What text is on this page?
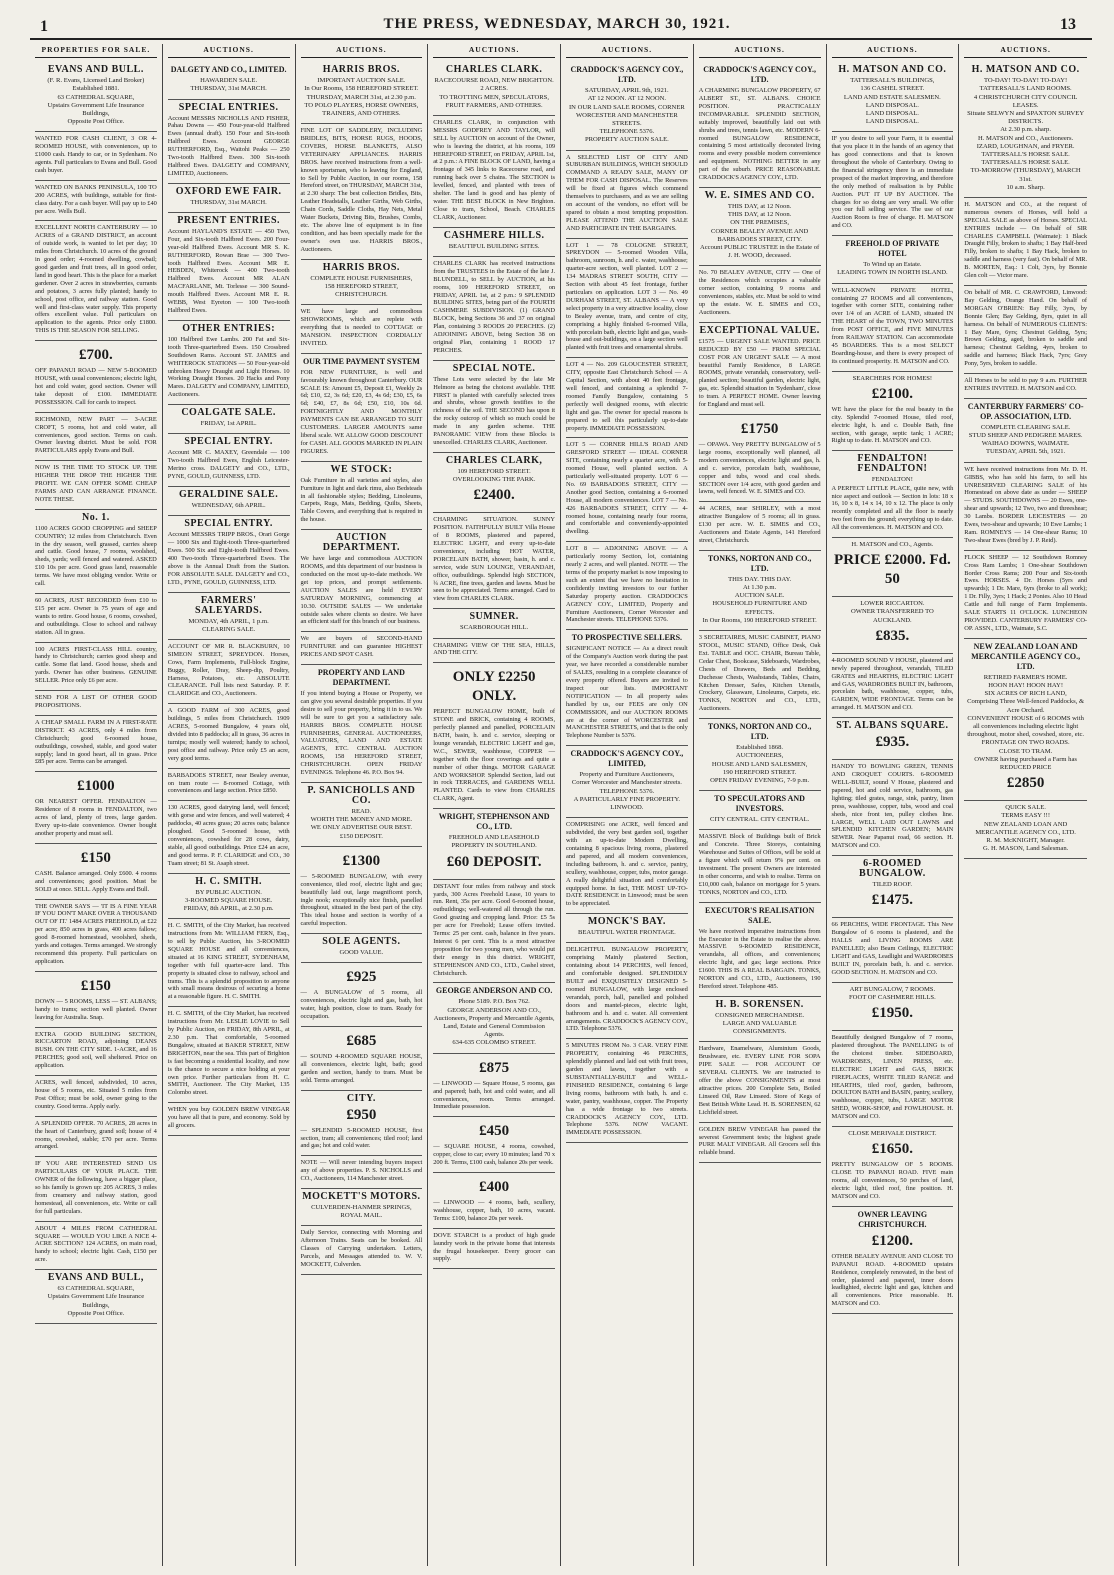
1	THE PRESS, WEDNESDAY, MARCH 30, 1921.	13
PROPERTIES FOR SALE.
EVANS AND BULL.
(F. R. Evans, Licensed Land Broker)
Established 1881.
63 CATHEDRAL SQUARE,
Upstairs Government Life Insurance Buildings,
Opposite Post Office.
WANTED FOR CASH CLIENT, 3 OR 4-ROOMED HOUSE, with conveniences, up to £1000 cash. Handy to car, or in Sydenham. No agents. Full particulars to Evans and Bull. Good cash buyer.
WANTED ON BANKS PENINSULA, 100 TO 200 ACRES, with buildings, suitable for first-class dairy. For a cash buyer. Will pay up to £40 per acre. Wells Bull.
EXCELLENT NORTH CANTERBURY — 10 ACRES of a GRAND DISTRICT, an account of outside work, is wanted to let per day; 10 miles from Christchurch. 10 acres of the ground in good order; 4-roomed dwelling, cowbail; good garden and fruit trees, all in good order, land in good heart. This is the place for a market gardener. Over 2 acres in strawberries, currants and potatoes, 3 acres fully planted; handy to school, post office, and railway station. Good well and first-class water supply. This property offers excellent value. Full particulars on application to the agents. Price only £1800. THIS IS THE SEASON FOR SELLING.
£700.
OFF PAPANUI ROAD — NEW 5-ROOMED HOUSE, with usual conveniences; electric light, hot and cold water, good section. Owner will take deposit of £100. IMMEDIATE POSSESSION. Call for cards to inspect.
RICHMOND, NEW PART — 3-ACRE CROFT, 5 rooms, hot and cold water, all conveniences, good section. Terms on cash. Owner leaving district. Must be sold. FOR PARTICULARS apply Evans and Bull.
NOW IS THE TIME TO STOCK UP. THE HIGHER THE DROP THE HIGHER THE PROFIT. WE CAN OFFER SOME CHEAP FARMS AND CAN ARRANGE FINANCE. NOTE THESE.
No. 1.
1100 ACRES GOOD CROPPING and SHEEP COUNTRY; 12 miles from Christchurch. Even in the dry season, well grassed, carries sheep and cattle. Good house, 7 rooms, woolshed, sheds, yards; well fenced and watered. ASKED £10 10s per acre. Good grass land, reasonable terms. We have most obliging vendor. Write or call.
60 ACRES, JUST RECORDED from £10 to £15 per acre. Owner is 75 years of age and wants to retire. Good house, 6 rooms, cowshed, and outbuildings. Close to school and railway station. All in grass.
100 ACRES FIRST-CLASS HILL country, handy to Christchurch; carries good sheep and cattle. Some flat land. Good house, sheds and yards. Owner has other business. GENUINE SELLER. Price only £6 per acre.
SEND FOR A LIST OF OTHER GOOD PROPOSITIONS.
A CHEAP SMALL FARM IN A FIRST-RATE DISTRICT. 43 ACRES, only 4 miles from Christchurch; good 6-roomed house, outbuildings, cowshed, stable, and good water supply; land in good heart, all in grass. Price £85 per acre. Terms can be arranged.
£1000
OR NEAREST OFFER. FENDALTON — Residence of 8 rooms in FENDALTON, two acres of land, plenty of trees, large garden. Every up-to-date convenience. Owner bought another property and must sell.
£150
CASH. Balance arranged. Only £600. 4 rooms and conveniences; good position. Must be SOLD at once. SELL. Apply Evans and Bull.
THE OWNER SAYS — 'IT IS A FINE YEAR IF YOU DON'T MAKE OVER A THOUSAND OUT OF IT.' 1484 ACRES FREEHOLD, at £22 per acre; 850 acres in grass, 400 acres fallow; good 8-roomed homestead, woolshed, sheds, yards and cottages. Terms arranged. We strongly recommend this property. Full particulars on application.
£150
DOWN — 5 ROOMS, LESS — ST. ALBANS; handy to trams; section well planted. Owner leaving for Australia. Snap.
EXTRA GOOD BUILDING SECTION, RICCARTON ROAD, adjoining DEANS BUSH. ON THE CITY SIDE. 1-ACRE, and 16 PERCHES; good soil, well sheltered. Price on application.
ACRES, well fenced, subdivided, 10 acres, house of 5 rooms, etc. Situated 5 miles from Post Office; must be sold, owner going to the country. Good terms. Apply early.
A SPLENDID OFFER. 70 ACRES, 28 acres in the heart of Canterbury, grand soil; house of 4 rooms, cowshed, stable; £70 per acre. Terms arranged.
IF YOU ARE INTERESTED SEND US PARTICULARS OF YOUR PLACE. THE OWNER of the following, have a bigger place, so his family is grown up: 205 ACRES, 3 miles from creamery and railway station, good homestead, all conveniences, etc. Write or call for full particulars.
ABOUT 4 MILES FROM CATHEDRAL SQUARE — WOULD YOU LIKE A NICE 4-ACRE SECTION? 124 ACRES, on main road, handy to school; electric light. Cash, £150 per acre.
EVANS AND BULL,
63 CATHEDRAL SQUARE,
Upstairs Government Life Insurance Buildings,
Opposite Post Office.
AUCTIONS.
DALGETY AND CO., LIMITED.
HAWARDEN SALE.
THURSDAY, 31st MARCH.
SPECIAL ENTRIES.
Account MESSRS NICHOLLS AND FISHER, Pahau Downs — 450 Four-year-old Halfbred Ewes (annual draft). 150 Four and Six-tooth Halfbred Ewes. Account GEORGE RUTHERFORD, Esq., Waitohi Peaks — 250 Two-tooth Halfbred Ewes. 300 Six-tooth Halfbred Ewes. DALGETY and COMPANY, LIMITED, Auctioneers.
OXFORD EWE FAIR.
THURSDAY, 31st MARCH.
PRESENT ENTRIES.
Account HAYLAND'S ESTATE — 450 Two, Four, and Six-tooth Halfbred Ewes. 200 Four-year-old Halfbred Ewes. Account MR S. K. RUTHERFORD, Rowan Brae — 300 Two-tooth Halfbred Ewes. Account MR E. HEBDEN, Whiterock — 400 Two-tooth Halfbred Ewes. Account MR ALAN MACFARLANE, Mt. Torlesse — 300 Sound-mouth Halfbred Ewes. Account MR E. R. WEBB, West Eyreton — 100 Two-tooth Halfbred Ewes.
OTHER ENTRIES:
100 Halfbred Ewe Lambs. 200 Fat and Six-tooth Three-quarterbred Ewes. 150 Crossbred Southdown Rams. Account ST. JAMES and WHITEROCK STATIONS — 50 Four-year-old unbroken Heavy Draught and Light Horses. 10 Working Draught Horses. 20 Hacks and Pony Mares. DALGETY and COMPANY, LIMITED, Auctioneers.
COALGATE SALE.
FRIDAY, 1st APRIL.
SPECIAL ENTRY.
Account MR C. MAXEY, Greendale — 100 Two-tooth Halfbred Ewes, English Leicester-Merino cross. DALGETY and CO., LTD., PYNE, GOULD, GUINNESS, LTD.
GERALDINE SALE.
WEDNESDAY, 6th APRIL.
SPECIAL ENTRY.
Account MESSRS TRIPP BROS., Orari Gorge — 1000 Six and Eight-tooth Three-quarterbred Ewes. 500 Six and Eight-tooth Halfbred Ewes. 400 Two-tooth Three-quarterbred Ewes. The above is the Annual Draft from the Station. FOR ABSOLUTE SALE. DALGETY and CO., LTD., PYNE, GOULD, GUINNESS, LTD.
FARMERS' SALEYARDS.
MONDAY, 4th APRIL, 1 p.m.
CLEARING SALE.
ACCOUNT OF MR R. BLACKBURN, 10 SIMEON STREET, SPREYDON. Horses, Cows, Farm Implements, Full-block Engine, Buggy, Roller, Dray, Sheep-dip, Poultry, Harness, Potatoes, etc. ABSOLUTE CLEARANCE. Full lists next Saturday. P. F. CLARIDGE and CO., Auctioneers.
A GOOD FARM of 300 ACRES, good buildings, 5 miles from Christchurch. 1909 ACRES, 5-roomed Bungalow, 4 years old, divided into 8 paddocks; all in grass, 36 acres in turnips; mostly well watered; handy to school, post office and railway. Price only £5 an acre, very good terms.
BARBADOES STREET, near Bealey avenue, on tram route — 8-roomed Cottage, with conveniences and large section. Price £850.
130 ACRES, good dairying land, well fenced; with gorse and wire fences, and well watered; 4 paddocks, 40 acres grass; 20 acres oats; balance ploughed. Good 5-roomed house, with conveniences, cowshed for 28 cows, dairy, stable, all good outbuildings. Price £24 an acre, and good terms. P. F. CLARIDGE and CO., 30 Tuam street; 81 St. Asaph street.
H. C. SMITH.
BY PUBLIC AUCTION.
3-ROOMED SQUARE HOUSE.
FRIDAY, 8th APRIL, at 2.30 p.m.
H. C. SMITH, of the City Market, has received instructions from Mr. WILLIAM FERN, Esq., to sell by Public Auction, his 3-ROOMED SQUARE HOUSE and all conveniences, situated at 16 KING STREET, SYDENHAM, together with full quarter-acre land. This property is situated close to railway, school and trams. This is a splendid proposition to anyone with small means desirous of securing a home at a reasonable figure. H. C. SMITH.
H. C. SMITH, of the City Market, has received instructions from Mr. LESLIE LOVIE to Sell by Public Auction, on FRIDAY, 8th APRIL, at 2.30 p.m. That comfortable, 5-roomed Bungalow, situated at BAKER STREET, NEW BRIGHTON, near the sea. This part of Brighton is fast becoming a residential locality, and now is the chance to secure a nice holding at your own price. Further particulars from H. C. SMITH, Auctioneer. The City Market, 135 Colombo street.
WHEN you buy GOLDEN BREW VINEGAR you have all that is pure, and economy. Sold by all grocers.
AUCTIONS.
HARRIS BROS.
IMPORTANT AUCTION SALE.
In Our Rooms, 158 HEREFORD STREET.
THURSDAY, MARCH 31st, at 2.30 p.m.
TO POLO PLAYERS, HORSE OWNERS, TRAINERS, AND OTHERS.
FINE LOT OF SADDLERY, INCLUDING BRIDLES, BITS, HORSE RUGS, HOODS, COVERS, HORSE BLANKETS, ALSO VETERINARY APPLIANCES. HARRIS BROS. have received instructions from a well-known sportsman, who is leaving for England, to Sell by Public Auction, in our rooms, 158 Hereford street, on THURSDAY, MARCH 31st, at 2.30 sharp: The best collection Bridles, Bits, Leather Headstalls, Leather Girths, Web Girths, Chain Cords, Saddle Cloths, Hay Nets, Metal Water Buckets, Driving Bits, Brushes, Combs, etc. The above line of equipment is in fine condition, and has been specially made for the owner's own use. HARRIS BROS., Auctioneers.
HARRIS BROS.
COMPLETE HOUSE FURNISHERS,
158 HEREFORD STREET,
CHRISTCHURCH.
WE have large and commodious SHOWROOMS, which are replete with everything that is needed to COTTAGE or MANSION. INSPECTION CORDIALLY INVITED.
OUR TIME PAYMENT SYSTEM
FOR NEW FURNITURE, is well and favourably known throughout Canterbury. OUR SCALE IS: Amount £5, Deposit £1, Weekly 2s 6d; £10, £2, 3s 6d; £20, £3, 4s 6d; £30, £5, 6s 6d; £40, £7, 8s 6d; £50, £10, 10s 6d. FORTNIGHTLY AND MONTHLY PAYMENTS CAN BE ARRANGED TO SUIT CUSTOMERS. LARGER AMOUNTS same liberal scale. WE ALLOW GOOD DISCOUNT for CASH. ALL GOODS MARKED IN PLAIN FIGURES.
WE STOCK:
Oak Furniture in all varieties and styles, also Furniture in light and dark rimu, also Bedsteads in all fashionable styles; Bedding, Linoleums, Carpets, Rugs, Mats, Bedding, Quilts, Sheets, Table Covers, and everything that is required in the house.
AUCTION DEPARTMENT.
We have large and commodious AUCTION ROOMS, and this department of our business is conducted on the most up-to-date methods. We get top prices, and prompt settlements. AUCTION SALES are held EVERY SATURDAY MORNING, commencing at 10.30. OUTSIDE SALES — We undertake outside sales where clients so desire. We have an efficient staff for this branch of our business.
We are buyers of SECOND-HAND FURNITURE and can guarantee HIGHEST PRICES AND SPOT CASH.
PROPERTY AND LAND DEPARTMENT.
If you intend buying a House or Property, we can give you several desirable properties. If you desire to sell your property, bring it in to us. We will be sure to get you a satisfactory sale. HARRIS BROS. COMPLETE HOUSE FURNISHERS, GENERAL AUCTIONEERS, VALUATORS, LAND AND ESTATE AGENTS, ETC. CENTRAL AUCTION ROOMS, 158 HEREFORD STREET, CHRISTCHURCH. OPEN FRIDAY EVENINGS. Telephone 46. P.O. Box 94.
P. SANICHOLLS AND CO.
READ.
WORTH THE MONEY AND MORE.
WE ONLY ADVERTISE OUR BEST.
£150 DEPOSIT.
£1300
— 5-ROOMED BUNGALOW, with every convenience, tiled roof, electric light and gas; beautifully laid out, large magnificent porch, ingle nook; exceptionally nice finish, panelled throughout, situated in the best part of the city. This ideal house and section is worthy of a careful inspection.
SOLE AGENTS.
GOOD VALUE.
£925
— A BUNGALOW of 5 rooms, all conveniences, electric light and gas, bath, hot water, high position, close to tram. Ready for occupation.
£685
— SOUND 4-ROOMED SQUARE HOUSE, all conveniences, electric light, bath; good garden and section, handy to tram. Must be sold. Terms arranged.
CITY.
£950
— SPLENDID 5-ROOMED HOUSE, first section, tram; all conveniences; tiled roof; land and gas; hot and cold water.
NOTE — Will never intending buyers inspect any of above properties. P. S. NICHOLLS and CO., Auctioneers, 114 Manchester street.
MOCKETT'S MOTORS.
CULVERDEN-HANMER SPRINGS,
ROYAL MAIL.
Daily Service, connecting with Morning and Afternoon Trains. Seats can be booked. All Classes of Carrying undertaken. Letters, Parcels, and Messages attended to. W. V. MOCKETT, Culverden.
AUCTIONS.
CHARLES CLARK.
RACECOURSE ROAD, NEW BRIGHTON.
2 ACRES.
TO TROTTING MEN, SPECULATORS, FRUIT FARMERS, AND OTHERS.
CHARLES CLARK, in conjunction with MESSRS GODFREY AND TAYLOR, will SELL by AUCTION on account of the Owner, who is leaving the district, at his rooms, 109 HEREFORD STREET, on FRIDAY, APRIL 1st, at 2 p.m.: A FINE BLOCK OF LAND, having a frontage of 345 links to Racecourse road, and running back over 5 chains. The SECTION is levelled, fenced, and planted with trees of shelter. The land is good and has plenty of water. THE BEST BLOCK in New Brighton. Close to tram, School, Beach. CHARLES CLARK, Auctioneer.
CASHMERE HILLS.
BEAUTIFUL BUILDING SITES.
CHARLES CLARK has received instructions from the TRUSTEES in the Estate of the late J. BLUNDELL, to SELL by AUCTION, at his rooms, 109 HEREFORD STREET, on FRIDAY, APRIL 1st, at 2 p.m.: 9 SPLENDID BUILDING SITES, being part of the FOURTH CASHMERE SUBDIVISION. (1) GRAND BLOCK, being Sections 36 and 37 on original Plan, containing 3 ROODS 20 PERCHES. (2) ADJOINING ABOVE, being Section 38 on original Plan, containing 1 ROOD 17 PERCHES.
SPECIAL NOTE.
These Lots were selected by the late Mr Helmore as being the choicest available. THE FIRST is planted with carefully selected trees and shrubs, whose growth testifies to the richness of the soil. THE SECOND has upon it the rocky outcrop of which so much could be made in any garden scheme. THE PANORAMIC VIEW from these Blocks is unexcelled. CHARLES CLARK, Auctioneer.
CHARLES CLARK,
109 HEREFORD STREET.
OVERLOOKING THE PARK.
£2400.
CHARMING SITUATION. SUNNY POSITION. FAITHFULLY BUILT Villa House of 8 ROOMS, plastered and papered, ELECTRIC LIGHT, and every up-to-date convenience, including HOT WATER, PORCELAIN BATH, shower, basin, h. and c. service, wide SUN LOUNGE, VERANDAH, office, outbuildings. Splendid high SECTION, ¾ ACRE, fine trees, garden and lawns. Must be seen to be appreciated. Terms arranged. Card to view from CHARLES CLARK.
SUMNER.
SCARBOROUGH HILL.
CHARMING VIEW OF THE SEA, HILLS, AND THE CITY.
ONLY £2250 ONLY.
PERFECT BUNGALOW HOME, built of STONE and BRICK, containing 4 ROOMS, perfectly planned and panelled, PORCELAIN BATH, basin, h. and c. service, sleeping or lounge verandah, ELECTRIC LIGHT and gas, W.C., SEWER, washhouse, COPPER — together with the floor coverings and quite a number of other things. MOTOR GARAGE AND WORKSHOP. Splendid Section, laid out in rock TERRACES, and GARDENS WELL PLANTED. Cards to view from CHARLES CLARK, Agent.
WRIGHT, STEPHENSON AND CO., LTD.
FREEHOLD AND LEASEHOLD PROPERTY IN SOUTHLAND.
£60 DEPOSIT.
DISTANT four miles from railway and stock yards, 300 Acres Freehold Lease, 10 years to run. Rent, 35s per acre. Good 6-roomed house, outbuildings; well-watered all through the run. Good grazing and cropping land. Price: £5 5s per acre for Freehold; Lease offers invited. Terms: 25 per cent. cash, balance in five years. Interest 6 per cent. This is a most attractive proposition for two young men, who would put their energy in this district. WRIGHT, STEPHENSON AND CO., LTD., Cashel street, Christchurch.
GEORGE ANDERSON AND CO.
Phone 5189. P.O. Box 762.
GEORGE ANDERSON AND CO., Auctioneers, Property and Mercantile Agents, Land, Estate and General Commission Agents.
634-635 COLOMBO STREET.
£875
— LINWOOD — Square House, 5 rooms, gas and papered; bath, hot and cold water, and all conveniences, room. Terms arranged. Immediate possession.
£450
— SQUARE HOUSE, 4 rooms, cowshed, copper, close to car; every 10 minutes; land 70 x 200 ft. Terms, £100 cash, balance 20s per week.
£400
— LINWOOD — 4 rooms, bath, scullery, washhouse, copper, bath, 10 acres, vacant. Terms: £100, balance 20s per week.
DOVE STARCH is a product of high grade laundry work in the private home that interests the frugal housekeeper. Every grocer can supply.
AUCTIONS.
CRADDOCK'S AGENCY COY., LTD.
SATURDAY, APRIL 9th, 1921.
AT 12 NOON. AT 12 NOON.
IN OUR LAND SALE ROOMS, CORNER WORCESTER AND MANCHESTER STREETS.
TELEPHONE 5376.
PROPERTY AUCTION SALE.
A SELECTED LIST OF CITY AND SUBURBAN BUILDINGS, WHICH SHOULD COMMAND A READY SALE, MANY OF THEM FOR CASH DISPOSAL. The Reserves will be fixed at figures which commend themselves to purchasers, and as we are selling on account of the vendors, no effort will be spared to obtain a most tempting proposition. PLEASE ATTEND THE AUCTION SALE AND PARTICIPATE IN THE BARGAINS.
LOT 1 — 78 COLOGNE STREET, SPREYDON — 5-roomed Wooden Villa, bathroom, sunroom, h. and c. water, washhouse; quarter-acre section, well planted. LOT 2 — 134 MADRAS STREET SOUTH, CITY — Section with about 45 feet frontage, further particulars on application. LOT 3 — No. 49 DURHAM STREET, ST. ALBANS — A very select property in a very attractive locality, close to Bealey avenue, tram, and centre of city, comprising a highly finished 6-roomed Villa, with porcelain bath, electric light and gas, wash-house and out-buildings, on a large section well planted with fruit trees and ornamental shrubs.
LOT 4 — No. 209 GLOUCESTER STREET, CITY, opposite East Christchurch School — A Capital Section, with about 40 feet frontage, well fenced, and containing a splendid 7-roomed Family Bungalow, containing 5 perfectly well designed rooms, with electric light and gas. The owner for special reasons is prepared to sell this particularly up-to-date property. IMMEDIATE POSSESSION.
LOT 5 — CORNER HILL'S ROAD AND GRESFORD STREET — IDEAL CORNER SITE, containing nearly a quarter acre, with 5-roomed House, well planted section. A particularly well-situated property. LOT 6 — No. 69 BARBADOES STREET, CITY — Another good Section, containing a 6-roomed House, all modern conveniences. LOT 7 — No. 426 BARBADOES STREET, CITY — 4-roomed house, containing nearly four rooms, and comfortable and conveniently-appointed dwelling.
LOT 8 — ADJOINING ABOVE — A particularly roomy Section, lot, containing nearly 2 acres, and well planted. NOTE — The terms of the property market is now imposing to such an extent that we have no hesitation in confidently inviting investors to our further Saturday property auction. CRADDOCK'S AGENCY COY., LIMITED, Property and Furniture Auctioneers, Corner Worcester and Manchester streets. TELEPHONE 5376.
TO PROSPECTIVE SELLERS.
SIGNIFICANT NOTICE — As a direct result of the Company's Auction work during the past year, we have recorded a considerable number of SALES, resulting in a complete clearance of every property offered. Buyers are invited to inspect our lists. IMPORTANT NOTIFICATION — In all property sales handled by us, our FEES are only ON COMMISSION, and our AUCTION ROOMS are at the corner of WORCESTER and MANCHESTER STREETS, and that is the only Telephone Number is 5376.
CRADDOCK'S AGENCY COY., LIMITED,
Property and Furniture Auctioneers,
Corner Worcester and Manchester streets.
TELEPHONE 5376.
A PARTICULARLY FINE PROPERTY.
LINWOOD.
COMPRISING one ACRE, well fenced and subdivided, the very best garden soil, together with an up-to-date Modern Dwelling, containing 8 spacious living rooms, plastered and papered, and all modern conveniences, including bathroom, h. and c. service, pantry, scullery, washhouse, copper, tubs, motor garage. A really delightful situation and comfortably equipped home. In fact, THE MOST UP-TO-DATE RESIDENCE in Linwood; must be seen to be appreciated.
MONCK'S BAY.
BEAUTIFUL WATER FRONTAGE.
DELIGHTFUL BUNGALOW PROPERTY, comprising Mainly plastered Section, containing about 14 PERCHES, well fenced, and comfortable designed. SPLENDIDLY BUILT and EXQUISITELY DESIGNED 5-roomed BUNGALOW, with large enclosed verandah, porch, hall, panelled and polished doors and mantel-pieces, electric light, bathroom and h. and c. water. All convenient arrangements. CRADDOCK'S AGENCY COY., LTD. Telephone 5376.
5 MINUTES FROM No. 3 CAR. VERY FINE PROPERTY, containing 46 PERCHES, splendidly planned and laid out with fruit trees, garden and lawns, together with a SUBSTANTIALLY-BUILT and WELL-FINISHED RESIDENCE, containing 6 large living rooms, bathroom with bath, h. and c. water, pantry, washhouse, copper. The Property has a wide frontage to two streets. CRADDOCK'S AGENCY COY., LTD. Telephone 5376. NOW VACANT. IMMEDIATE POSSESSION.
AUCTIONS.
CRADDOCK'S AGENCY COY., LTD.
A CHARMING BUNGALOW PROPERTY, 67 ALBERT ST., ST. ALBANS. CHOICE POSITION. PRACTICALLY INCOMPARABLE. SPLENDID SECTION, suitably improved, beautifully laid out with shrubs and trees, tennis lawn, etc. MODERN 6-roomed BUNGALOW RESIDENCE, containing 5 most artistically decorated living rooms and every possible modern convenience and equipment. NOTHING BETTER in any part of the suburb. PRICE REASONABLE. CRADDOCK'S AGENCY COY., LTD.
W. E. SIMES AND CO.
THIS DAY, at 12 Noon.
THIS DAY, at 12 Noon.
ON THE PREMISES,
CORNER BEALEY AVENUE AND BARBADOES STREET, CITY.
Account PUBLIC TRUSTEE in the Estate of J. H. WOOD, deceased.
No. 70 BEALEY AVENUE, CITY — One of the Residences which occupies a valuable corner section, containing 9 rooms and conveniences, stables, etc. Must be sold to wind up the estate. W. E. SIMES and CO., Auctioneers.
EXCEPTIONAL VALUE.
£1575 — URGENT SALE WANTED. PRICE REDUCED BY £50 — FROM SPECIAL COST FOR AN URGENT SALE — A most beautiful Family Residence, 8 LARGE ROOMS, private verandah, conservatory, well-planted section; beautiful garden, electric light, gas, etc. Splendid situation in 'Sydenham', close to tram. A PERFECT HOME. Owner leaving for England and must sell.
£1750
— OPAWA. Very PRETTY BUNGALOW of 5 large rooms, exceptionally well planned, all modern conveniences, electric light and gas, h. and c. service, porcelain bath, washhouse, copper and tubs, wood and coal sheds. SECTION over 1/4 acre, with good garden and lawns, well fenced. W. E. SIMES and CO.
44 ACRES, near SHIRLEY, with a most attractive Bungalow of 5 rooms; all in grass. £130 per acre. W. E. SIMES and CO., Auctioneers and Estate Agents, 141 Hereford street, Christchurch.
TONKS, NORTON AND CO., LTD.
THIS DAY. THIS DAY.
At 1.30 p.m.
AUCTION SALE.
HOUSEHOLD FURNITURE AND EFFECTS.
In Our Rooms, 190 HEREFORD STREET.
3 SECRETAIRES, MUSIC CABINET, PIANO STOOL, MUSIC STAND, Office Desk, Oak Ext. TABLE and OCC. CHAIR, Bureau Table, Cedar Chest, Bookcase, Sideboards, Wardrobes, Chests of Drawers, Beds and Bedding, Duchesse Chests, Washstands, Tables, Chairs, Kitchen Dresser, Safes, Kitchen Utensils, Crockery, Glassware, Linoleums, Carpets, etc. TONKS, NORTON and CO., LTD., Auctioneers.
TONKS, NORTON AND CO., LTD.
Established 1868.
AUCTIONEERS,
HOUSE AND LAND SALESMEN,
190 HEREFORD STREET.
OPEN FRIDAY EVENING, 7-9 p.m.
TO SPECULATORS AND INVESTORS.
CITY CENTRAL. CITY CENTRAL.
MASSIVE Block of Buildings built of Brick and Concrete. Three Storeys, containing Warehouse and Suites of Offices, will be sold at a figure which will return 9% per cent. on investment. The present Owners are interested in other concerns, and wish to realise. Terms on £10,000 cash, balance on mortgage for 5 years. TONKS, NORTON and CO., LTD.
EXECUTOR'S REALISATION SALE.
We have received imperative instructions from the Executor in the Estate to realise the above. MASSIVE 9-ROOMED RESIDENCE, verandahs, all offices, and conveniences; electric light, and gas; large sections. Price £1600. THIS IS A REAL BARGAIN. TONKS, NORTON and CO., LTD., Auctioneers, 190 Hereford street. Telephone 485.
H. B. SORENSEN.
CONSIGNED MERCHANDISE.
LARGE AND VALUABLE CONSIGNMENTS.
Hardware, Enamelware, Aluminium Goods, Brushware, etc. EVERY LINE FOR SOPA PIPE SALE — FOR ACCOUNT OF SEVERAL CLIENTS. We are instructed to offer the above CONSIGNMENTS at most attractive prices. 200 Complete Sets, Boiled Linseed Oil, Raw Linseed. Store of Kegs of Best British White Lead. H. B. SORENSEN, 62 Lichfield street.
GOLDEN BREW VINEGAR has passed the severest Government tests; the highest grade PURE MALT VINEGAR. All Grocers sell this reliable brand.
AUCTIONS.
H. MATSON AND CO.
TATTERSALL'S BUILDINGS,
136 CASHEL STREET.
LAND AND ESTATE SALESMEN.
LAND DISPOSAL.
LAND DISPOSAL.
LAND DISPOSAL.
IF you desire to sell your Farm, it is essential that you place it in the hands of an agency that has good connections and that is known throughout the whole of Canterbury. Owing to the financial stringency there is an immediate prospect of the market improving, and therefore the only method of realisation is by Public Auction. PUT IT UP BY AUCTION. The charges for so doing are very small. We offer you our full selling service. The use of our Auction Room is free of charge. H. MATSON and CO.
FREEHOLD OF PRIVATE HOTEL
To Wind up an Estate.
LEADING TOWN IN NORTH ISLAND.
WELL-KNOWN PRIVATE HOTEL, containing 27 ROOMS and all conveniences, together with corner SITE, containing rather over 1/4 of an ACRE of LAND, situated IN THE HEART of the TOWN, TWO MINUTES from POST OFFICE, and FIVE MINUTES from RAILWAY STATION. Can accommodate 45 BOARDERS. This is a most SELECT Boarding-house, and there is every prospect of its continued prosperity. H. MATSON and CO.
SEARCHERS FOR HOMES!
£2100.
WE have the place for the real beauty in the city. Splendid 7-roomed House, tiled roof, electric light, h. and c. Double Bath, fine section, with garage, septic tank; 1 ACRE; Right up to date. H. MATSON and CO.
FENDALTON! FENDALTON!
FENDALTON!
A PERFECT LITTLE PLACE, quite new, with nice aspect and outlook — Section in lots: 18 x 16, 10 x 8, 14 x 14, 10 x 12. The place is only recently completed and all the floor is nearly two feet from the ground; everything up to date. All the conveniences. H. MATSON and CO.
H. MATSON and CO., Agents.
PRICE £2000. Fd. 50
LOWER RICCARTON.
OWNER TRANSFERRED TO AUCKLAND.
£835.
4-ROOMED SOUND V HOUSE, plastered and newly papered throughout, verandah, TILED GRATES and HEARTHS, ELECTRIC LIGHT and GAS, WARDROBES BUILT IN, bathroom, porcelain bath, washhouse, copper, tubs, GARDEN, WIDE FRONTAGE. Terms can be arranged. H. MATSON and CO.
ST. ALBANS SQUARE.
£935.
HANDY TO BOWLING GREEN, TENNIS AND CROQUET COURTS. 6-ROOMED WELL-BUILT, sound V House, plastered and papered, hot and cold service, bathroom, gas lighting; tiled grates, range, sink, pantry, linen press, washhouse, copper, tubs, wood and coal sheds, nice front ten, pulley clothes line. LARGE, WELL LAID OUT LAWNS and SPLENDID KITCHEN GARDEN; MAIN SEWER. Near Papanui road, 66 section. H. MATSON and CO.
6-ROOMED BUNGALOW.
TILED ROOF.
£1475.
66 PERCHES, WIDE FRONTAGE. This New Bungalow of 6 rooms is plastered, and the HALLS and LIVING ROOMS ARE PANELLED; also Beam Ceilings, ELECTRIC LIGHT and GAS, Leadlight and WARDROBES BUILT IN, porcelain bath, h. and c. service. GOOD SECTION. H. MATSON and CO.
ART BUNGALOW, 7 ROOMS.
FOOT OF CASHMERE HILLS.
£1950.
Beautifully designed Bungalow of 7 rooms, plastered throughout. The PANELLING is of the choicest timber. SIDEBOARD, WARDROBES, LINEN PRESS, etc. ELECTRIC LIGHT and GAS, BRICK FIREPLACES, WHITE TILED RANGE and HEARTHS, tiled roof, garden, bathroom, DOULTON BATH and BASIN, pantry, scullery, washhouse, copper, tubs, LARGE MOTOR SHED, WORK-SHOP, and FOWLHOUSE. H. MATSON and CO.
CLOSE MERIVALE DISTRICT.
£1650.
PRETTY BUNGALOW OF 5 ROOMS. CLOSE TO PAPANUI ROAD. FIVE main rooms, all conveniences, 50 perches of land, electric light, tiled roof, fine position. H. MATSON and CO.
OWNER LEAVING CHRISTCHURCH.
£1200.
OTHER BEALEY AVENUE AND CLOSE TO PAPANUI ROAD. 4-ROOMED upstairs Residence, completely renovated, in the best of order, plastered and papered, inner doors leadlighted, electric light and gas, kitchen and all conveniences. Price reasonable. H. MATSON and CO.
AUCTIONS.
H. MATSON AND CO.
TO-DAY! TO-DAY! TO-DAY!
TATTERSALL'S LAND ROOMS.
4 CHRISTCHURCH CITY COUNCIL LEASES.
Situate SELWYN and SPAXTON SURVEY DISTRICTS.
At 2.30 p.m. sharp.
H. MATSON and CO., Auctioneers.
IZARD, LOUGHNAN, and FRYER.
TATTERSALL'S HORSE SALE.
TATTERSALL'S HORSE SALE.
TO-MORROW (THURSDAY), MARCH 31st.
10 a.m. Sharp.
H. MATSON and CO., at the request of numerous owners of Horses, will hold a SPECIAL SALE as above of Horses. SPECIAL ENTRIES include — On behalf of SIR CHARLES CAMPBELL (Waimate): 1 Black Draught Filly, broken to shafts; 1 Bay Half-bred Filly, broken to shafts; 1 Bay Hack, broken to saddle and harness (very fast). On behalf of MR. B. MORTEN, Esq.: 1 Colt, 3yrs, by Bonnie Glen colt — Victor mare.
On behalf of MR. C. CRAWFORD, Linwood: Bay Gelding, Orange Hand. On behalf of MORGAN O'BRIEN: Bay Filly, 3yrs, by Bonnie Glen; Bay Gelding, 8yrs, quiet in all harness. On behalf of NUMEROUS CLIENTS: 1 Bay Mare, 6yrs; Chestnut Gelding, 5yrs; Brown Gelding, aged, broken to saddle and harness; Chestnut Gelding, 4yrs, broken to saddle and harness; Black Hack, 7yrs; Grey Pony, 5yrs, broken to saddle.
All Horses to be sold to pay 9 a.m. FURTHER ENTRIES INVITED. H. MATSON and CO.
CANTERBURY FARMERS' CO-OP. ASSOCIATION, LTD.
COMPLETE CLEARING SALE.
STUD SHEEP AND PEDIGREE MARES.
WAIHAO DOWNS, WAIMATE.
TUESDAY, APRIL 5th, 1921.
WE have received instructions from Mr. D. H. GIBBS, who has sold his farm, to sell his UNRESERVED CLEARING SALE of his Homestead on above date as under — SHEEP — STUDS. SOUTHDOWNS — 20 Ewes, one-shear and upwards; 12 Two, two and threeshear; 30 Lambs. BORDER LEICESTERS — 20 Ewes, two-shear and upwards; 10 Ewe Lambs; 1 Ram. ROMNEYS — 14 One-shear Rams; 10 Two-shear Ewes (bred by J. P. Reid).
FLOCK SHEEP — 12 Southdown Romney Cross Ram Lambs; 1 One-shear Southdown Border Cross Rams; 200 Four and Six-tooth Ewes. HORSES. 4 Dr. Horses (5yrs and upwards); 1 Dr. Mare, 6yrs (broke to all work); 1 Dr. Filly, 3yrs; 1 Hack; 2 Ponies. Also 10 Head Cattle and full range of Farm Implements. SALE STARTS 11 O'CLOCK. LUNCHEON PROVIDED. CANTERBURY FARMERS' CO-OP. ASSN., LTD., Waimate, S.C.
NEW ZEALAND LOAN AND MERCANTILE AGENCY CO., LTD.
RETIRED FARMER'S HOME.
HOON HAY! HOON HAY!
SIX ACRES OF RICH LAND,
Comprising Three Well-fenced Paddocks, & Acre Orchard.
CONVENIENT HOUSE of 6 ROOMS with all conveniences including electric light throughout, motor shed, cowshed, store, etc.
FRONTAGE ON TWO ROADS.
CLOSE TO TRAM.
OWNER having purchased a Farm has REDUCED PRICE
£2850
QUICK SALE.
TERMS EASY !!!
NEW ZEALAND LOAN AND MERCANTILE AGENCY CO., LTD.
R. M. McKNIGHT, Manager.
G. H. MASON, Land Salesman.
